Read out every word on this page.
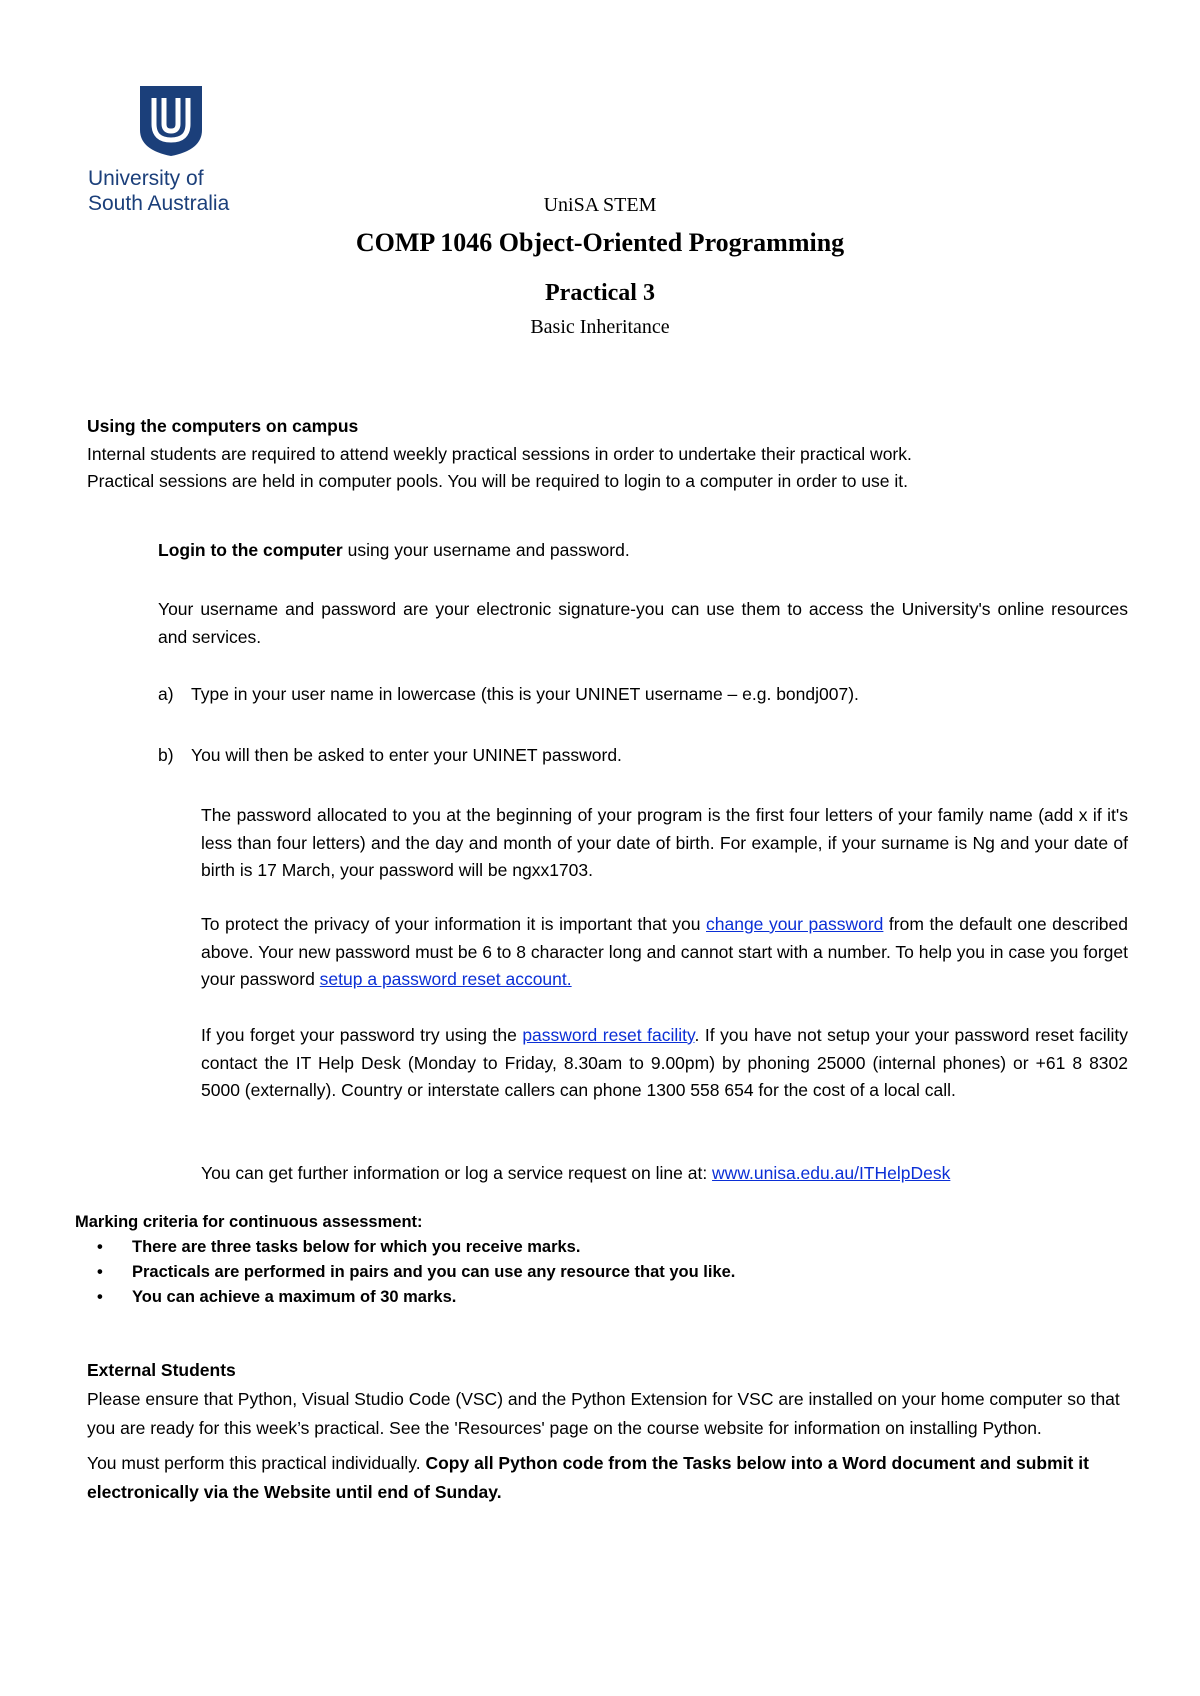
University of
South Australia	UniSA STEM
COMP 1046 Object-Oriented Programming
Practical 3
Basic Inheritance
Using the computers on campus
Internal students are required to attend weekly practical sessions in order to undertake their practical work.
Practical sessions are held in computer pools. You will be required to login to a computer in order to use it.
Login to the computer using your username and password.
Your username and password are your electronic signature-you can use them to access the University's online resources and services.
a) Type in your user name in lowercase (this is your UNINET username – e.g. bondj007).
b) You will then be asked to enter your UNINET password.
The password allocated to you at the beginning of your program is the first four letters of your family name (add x if it's less than four letters) and the day and month of your date of birth. For example, if your surname is Ng and your date of birth is 17 March, your password will be ngxx1703.
To protect the privacy of your information it is important that you change your password from the default one described above. Your new password must be 6 to 8 character long and cannot start with a number. To help you in case you forget your password setup a password reset account.
If you forget your password try using the password reset facility. If you have not setup your your password reset facility contact the IT Help Desk (Monday to Friday, 8.30am to 9.00pm) by phoning 25000 (internal phones) or +61 8 8302 5000 (externally). Country or interstate callers can phone 1300 558 654 for the cost of a local call.
You can get further information or log a service request on line at: www.unisa.edu.au/ITHelpDesk
Marking criteria for continuous assessment:
•	There are three tasks below for which you receive marks.
•	Practicals are performed in pairs and you can use any resource that you like.
•	You can achieve a maximum of 30 marks.
External Students
Please ensure that Python, Visual Studio Code (VSC) and the Python Extension for VSC are installed on your home computer so that you are ready for this week’s practical. See the 'Resources' page on the course website for information on installing Python.
You must perform this practical individually. Copy all Python code from the Tasks below into a Word document and submit it electronically via the Website until end of Sunday.
